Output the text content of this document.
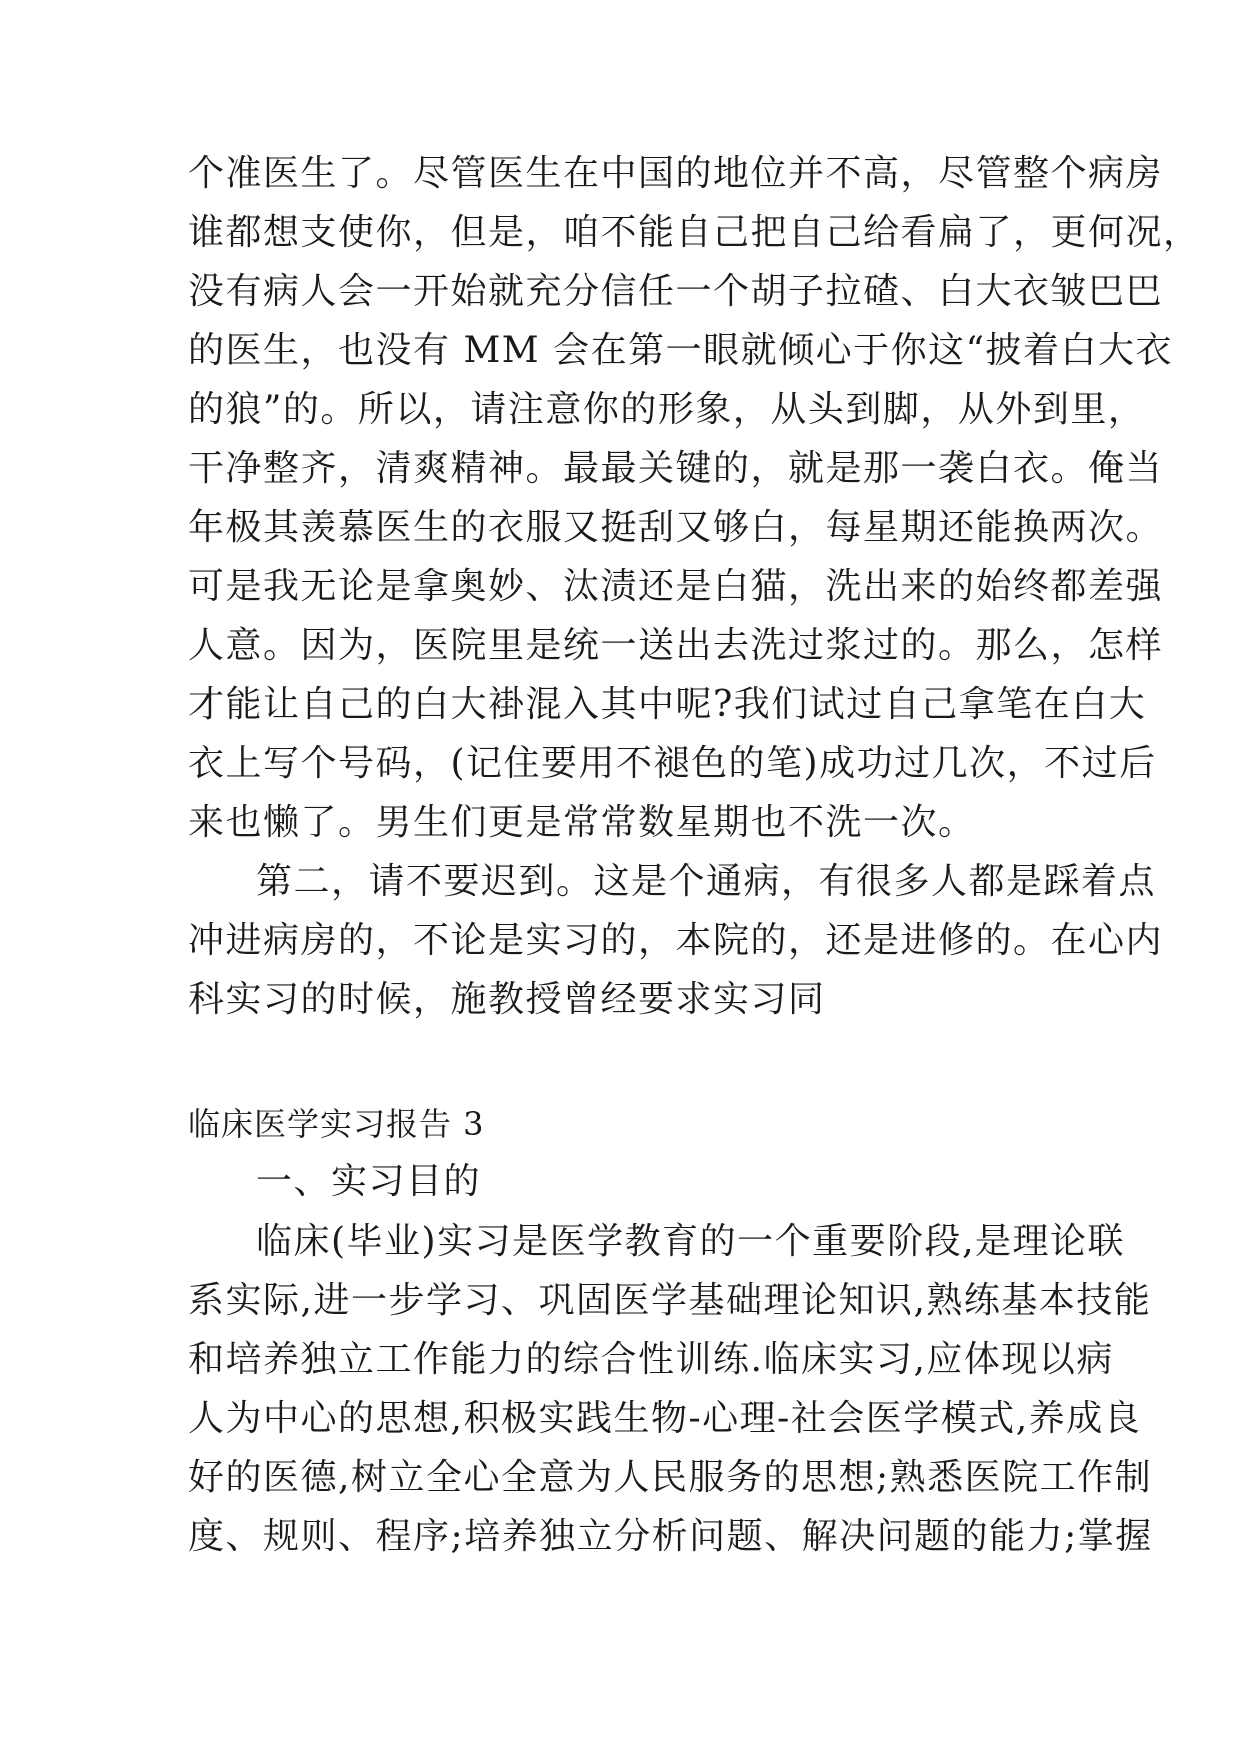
个准医生了。尽管医生在中国的地位并不高，尽管整个病房

谁都想支使你，但是，咱不能自己把自己给看扁了，更何况，

没有病人会一开始就充分信任一个胡子拉碴、白大衣皱巴巴

的医生，也没有 MM 会在第一眼就倾心于你这“披着白大衣

的狼”的。所以，请注意你的形象，从头到脚，从外到里，

干净整齐，清爽精神。最最关键的，就是那一袭白衣。俺当

年极其羡慕医生的衣服又挺刮又够白，每星期还能换两次。

可是我无论是拿奥妙、汰渍还是白猫，洗出来的始终都差强

人意。因为，医院里是统一送出去洗过浆过的。那么，怎样

才能让自己的白大褂混入其中呢?我们试过自己拿笔在白大

衣上写个号码，(记住要用不褪色的笔)成功过几次，不过后

来也懒了。男生们更是常常数星期也不洗一次。

第二，请不要迟到。这是个通病，有很多人都是踩着点

冲进病房的，不论是实习的，本院的，还是进修的。在心内

科实习的时候，施教授曾经要求实习同

临床医学实习报告 3

一、实习目的

临床(毕业)实习是医学教育的一个重要阶段,是理论联

系实际,进一步学习、巩固医学基础理论知识,熟练基本技能

和培养独立工作能力的综合性训练.临床实习,应体现以病

人为中心的思想,积极实践生物-心理-社会医学模式,养成良

好的医德,树立全心全意为人民服务的思想;熟悉医院工作制

度、规则、程序;培养独立分析问题、解决问题的能力;掌握
